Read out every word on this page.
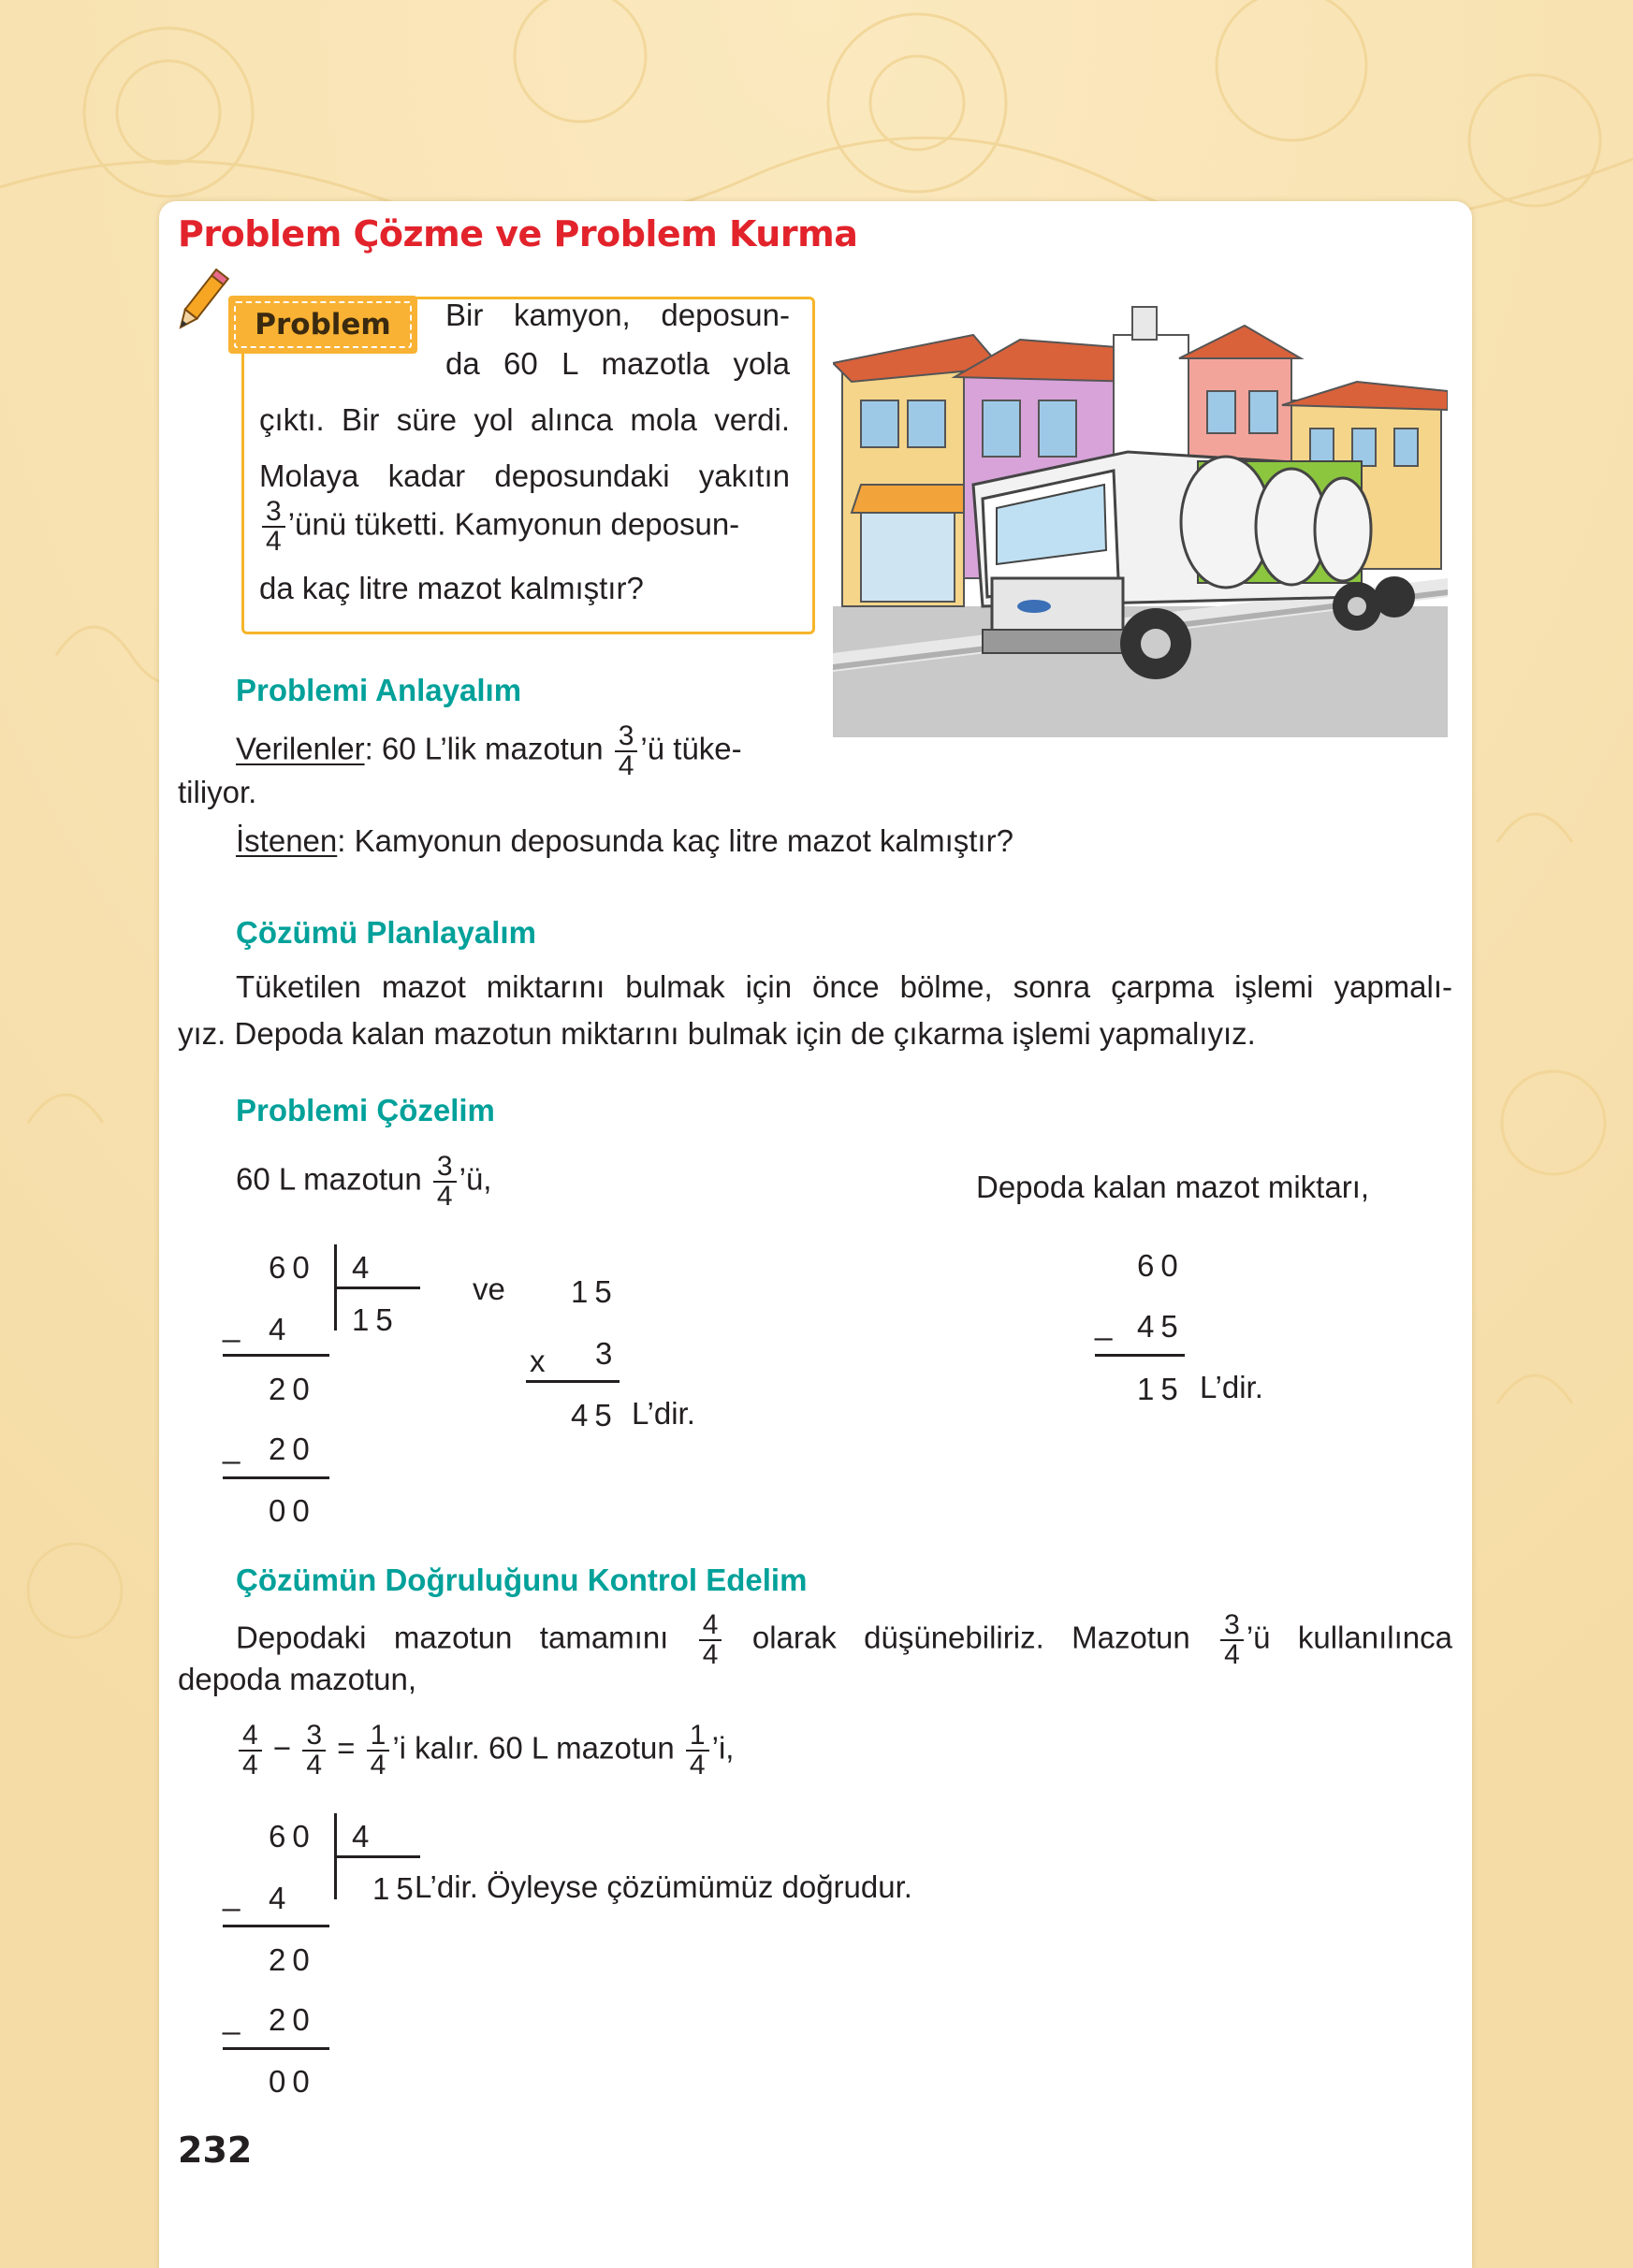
Problem Çözme ve Problem Kurma
Problem	Bir kamyon, deposun-
da 60 L mazotla yola
çıktı. Bir süre yol alınca mola verdi.
Molaya kadar deposundaki yakıtın
$\frac{3}{4}$ ’ünü tüketti. Kamyonun deposun-
da kaç litre mazot kalmıştır?
Problemi Anlayalım
Verilenler: 60 L’lik mazotun $\frac{3}{4}$ ’ü tüke-
tiliyor.
İstenen: Kamyonun deposunda kaç litre mazot kalmıştır?
Çözümü Planlayalım
Tüketilen mazot miktarını bulmak için önce bölme, sonra çarpma işlemi yapmalı-
yız. Depoda kalan mazotun miktarını bulmak için de çıkarma işlemi yapmalıyız.
Problemi Çözelim
60 L mazotun $\frac{3}{4}$ ’ü,	Depoda kalan mazot miktarı,
60 4
15
_ 4
20
_ 20
00
ve 15
x 3
45 L’dir.
60
_ 45
15 L’dir.
Çözümün Doğruluğunu Kontrol Edelim
Depodaki mazotun tamamını $\frac{4}{4}$ olarak düşünebiliriz. Mazotun $\frac{3}{4}$ ’ü kullanılınca
depoda mazotun,
$\frac{4}{4} - \frac{3}{4} = \frac{1}{4}$ ’i kalır. 60 L mazotun $\frac{1}{4}$ ’i,
60 4
15
L’dir. Öyleyse çözümümüz doğrudur.
_ 4
20
_ 20
00
232
